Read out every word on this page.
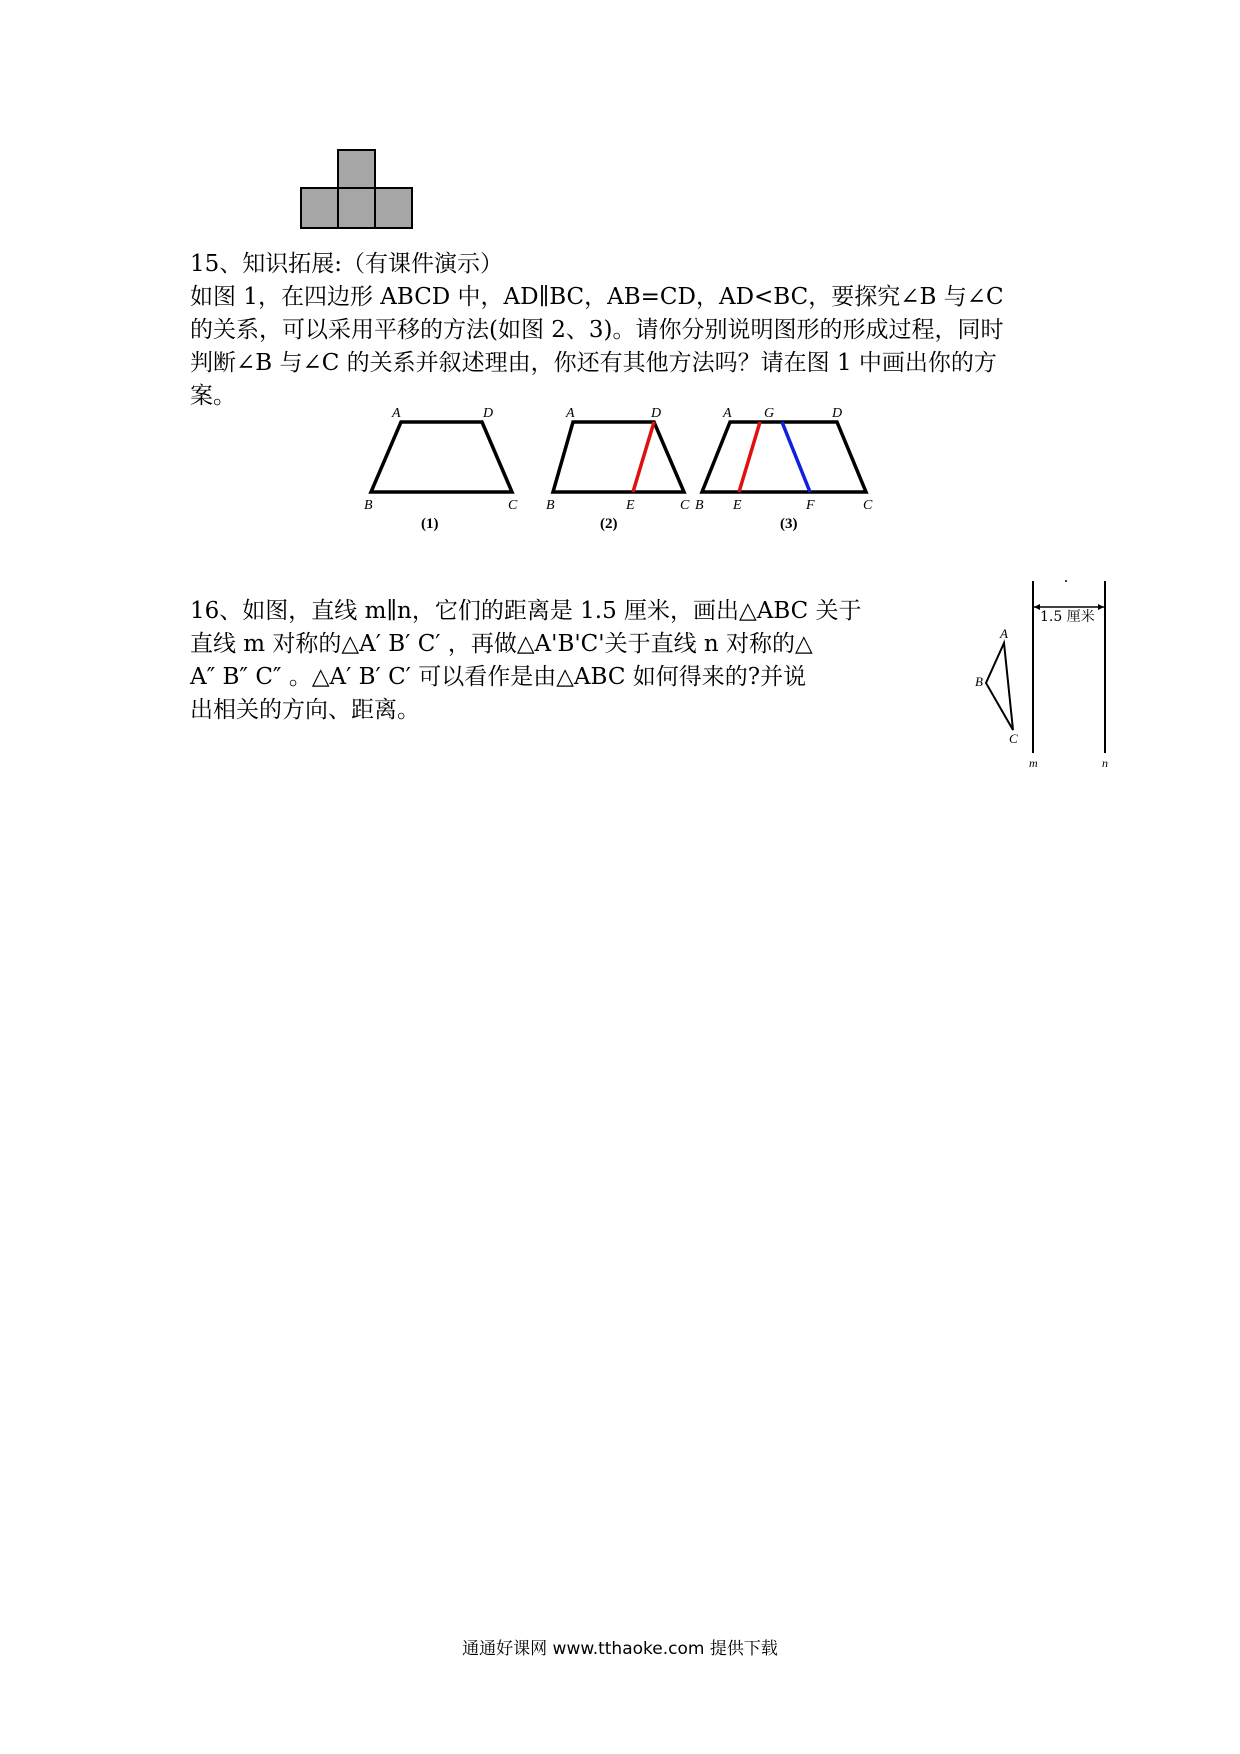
15、知识拓展:（有课件演示）
如图 1，在四边形 ABCD 中，AD∥BC，AB=CD，AD<BC，要探究∠B 与∠C
的关系，可以采用平移的方法(如图 2、3)。请你分别说明图形的形成过程，同时
判断∠B 与∠C 的关系并叙述理由，你还有其他方法吗？请在图 1 中画出你的方
案。
A	D
B	C
(1)
A	D
B	E	C
(2)
A G	D
B E	F	C
(3)
16、如图，直线 m∥n，它们的距离是 1.5 厘米，画出△ABC 关于
直线 m 对称的△A′ B′ C′ ，再做△A'B'C'关于直线 n 对称的△
A″ B″ C″ 。△A′ B′ C′ 可以看作是由△ABC 如何得来的?并说
出相关的方向、距离。
1.5 厘米
A
B
C
m	n
通通好课网 www.tthaoke.com 提供下载
